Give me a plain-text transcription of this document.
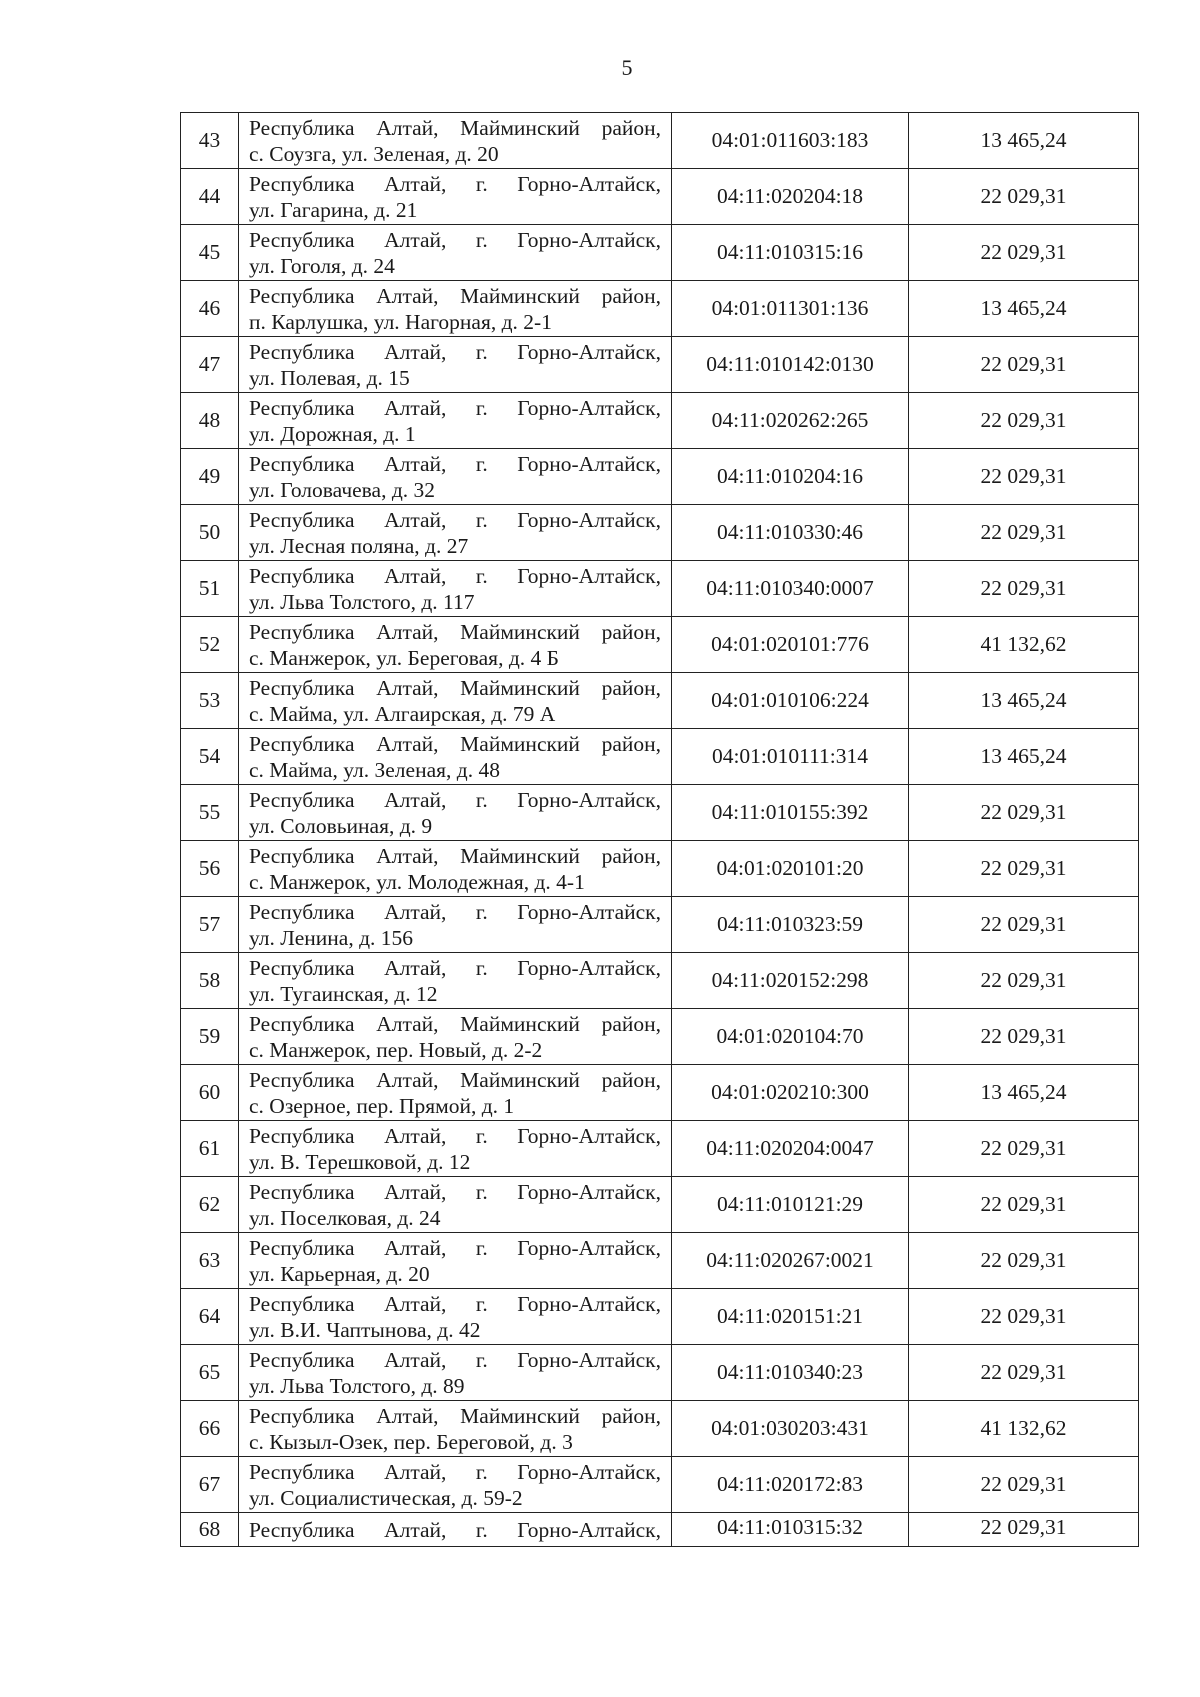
5
43	Республика Алтай, Майминский район,
с. Соузга, ул. Зеленая, д. 20	04:01:011603:183	13 465,24
44	Республика Алтай, г. Горно-Алтайск,
ул. Гагарина, д. 21	04:11:020204:18	22 029,31
45	Республика Алтай, г. Горно-Алтайск,
ул. Гоголя, д. 24	04:11:010315:16	22 029,31
46	Республика Алтай, Майминский район,
п. Карлушка, ул. Нагорная, д. 2-1	04:01:011301:136	13 465,24
47	Республика Алтай, г. Горно-Алтайск,
ул. Полевая, д. 15	04:11:010142:0130	22 029,31
48	Республика Алтай, г. Горно-Алтайск,
ул. Дорожная, д. 1	04:11:020262:265	22 029,31
49	Республика Алтай, г. Горно-Алтайск,
ул. Головачева, д. 32	04:11:010204:16	22 029,31
50	Республика Алтай, г. Горно-Алтайск,
ул. Лесная поляна, д. 27	04:11:010330:46	22 029,31
51	Республика Алтай, г. Горно-Алтайск,
ул. Льва Толстого, д. 117	04:11:010340:0007	22 029,31
52	Республика Алтай, Майминский район,
с. Манжерок, ул. Береговая, д. 4 Б	04:01:020101:776	41 132,62
53	Республика Алтай, Майминский район,
с. Майма, ул. Алгаирская, д. 79 А	04:01:010106:224	13 465,24
54	Республика Алтай, Майминский район,
с. Майма, ул. Зеленая, д. 48	04:01:010111:314	13 465,24
55	Республика Алтай, г. Горно-Алтайск,
ул. Соловьиная, д. 9	04:11:010155:392	22 029,31
56	Республика Алтай, Майминский район,
с. Манжерок, ул. Молодежная, д. 4-1	04:01:020101:20	22 029,31
57	Республика Алтай, г. Горно-Алтайск,
ул. Ленина, д. 156	04:11:010323:59	22 029,31
58	Республика Алтай, г. Горно-Алтайск,
ул. Тугаинская, д. 12	04:11:020152:298	22 029,31
59	Республика Алтай, Майминский район,
с. Манжерок, пер. Новый, д. 2-2	04:01:020104:70	22 029,31
60	Республика Алтай, Майминский район,
с. Озерное, пер. Прямой, д. 1	04:01:020210:300	13 465,24
61	Республика Алтай, г. Горно-Алтайск,
ул. В. Терешковой, д. 12	04:11:020204:0047	22 029,31
62	Республика Алтай, г. Горно-Алтайск,
ул. Поселковая, д. 24	04:11:010121:29	22 029,31
63	Республика Алтай, г. Горно-Алтайск,
ул. Карьерная, д. 20	04:11:020267:0021	22 029,31
64	Республика Алтай, г. Горно-Алтайск,
ул. В.И. Чаптынова, д. 42	04:11:020151:21	22 029,31
65	Республика Алтай, г. Горно-Алтайск,
ул. Льва Толстого, д. 89	04:11:010340:23	22 029,31
66	Республика Алтай, Майминский район,
с. Кызыл-Озек, пер. Береговой, д. 3	04:01:030203:431	41 132,62
67	Республика Алтай, г. Горно-Алтайск,
ул. Социалистическая, д. 59-2	04:11:020172:83	22 029,31
68	Республика Алтай, г. Горно-Алтайск,	04:11:010315:32	22 029,31
